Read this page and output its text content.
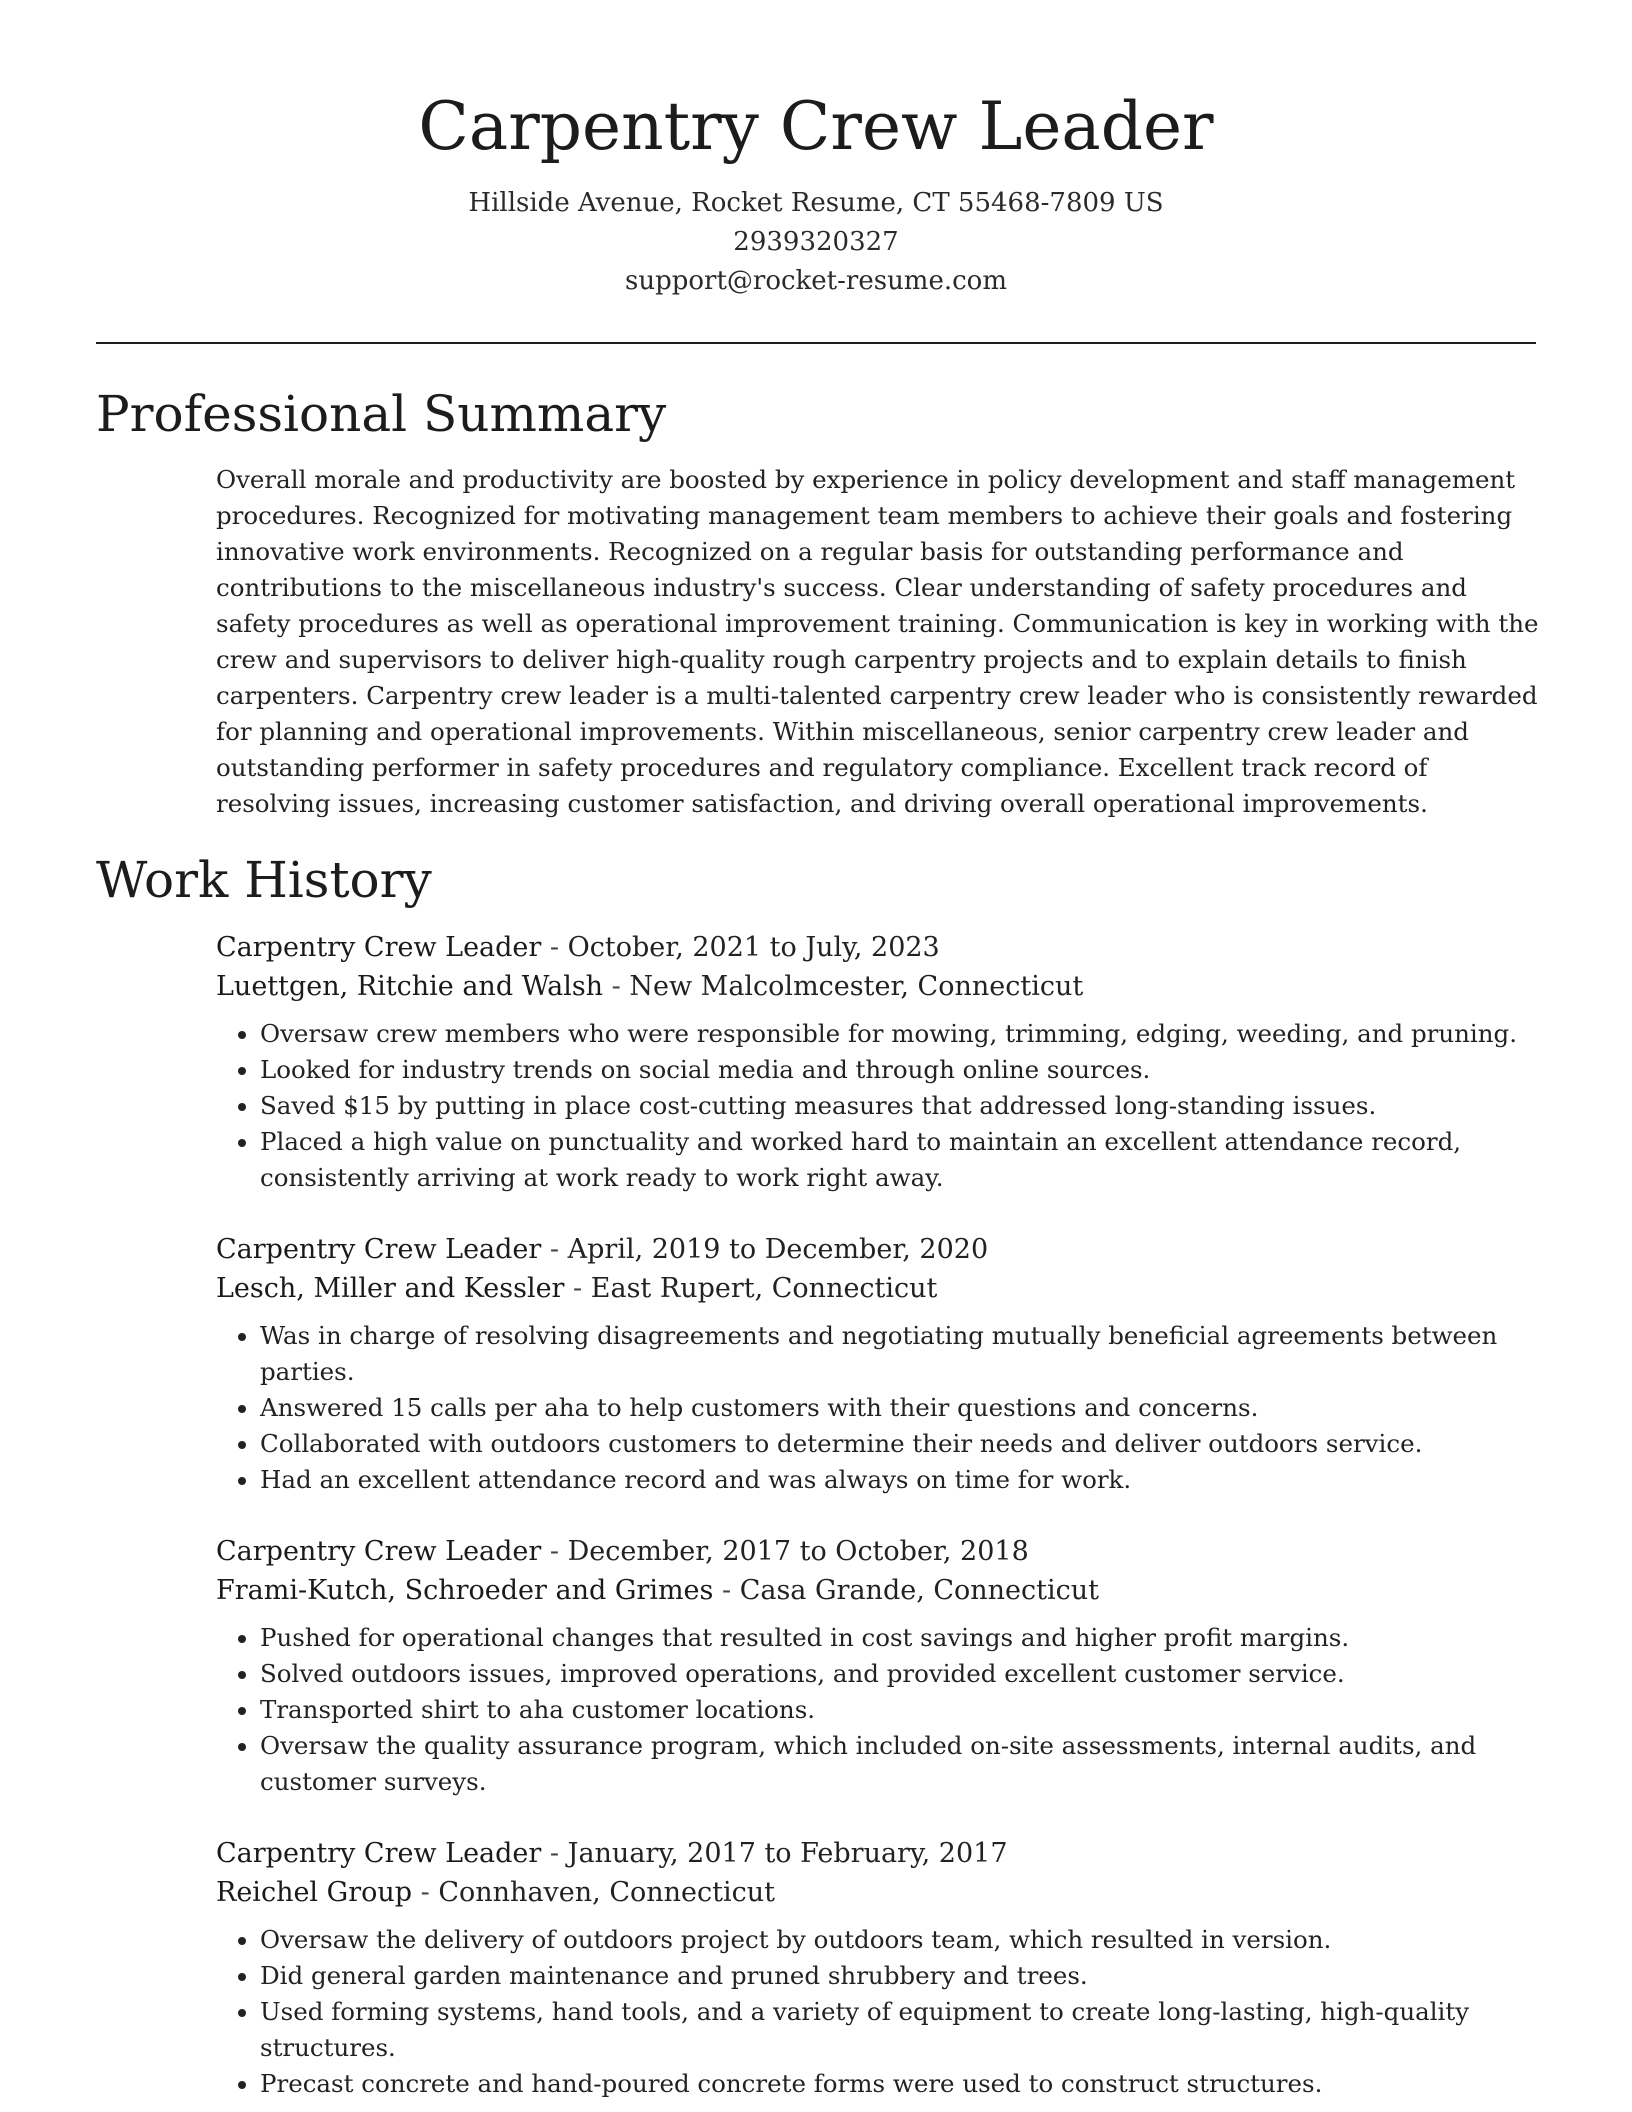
Carpentry Crew Leader
Hillside Avenue, Rocket Resume, CT 55468-7809 US
2939320327
support@rocket-resume.com
Professional Summary

Overall morale and productivity are boosted by experience in policy development and staff management procedures. Recognized for motivating management team members to achieve their goals and fostering innovative work environments. Recognized on a regular basis for outstanding performance and contributions to the miscellaneous industry's success. Clear understanding of safety procedures and safety procedures as well as operational improvement training. Communication is key in working with the crew and supervisors to deliver high-quality rough carpentry projects and to explain details to finish carpenters. Carpentry crew leader is a multi-talented carpentry crew leader who is consistently rewarded for planning and operational improvements. Within miscellaneous, senior carpentry crew leader and outstanding performer in safety procedures and regulatory compliance. Excellent track record of resolving issues, increasing customer satisfaction, and driving overall operational improvements.

Work History
Carpentry Crew Leader - October, 2021 to July, 2023
Luettgen, Ritchie and Walsh - New Malcolmcester, Connecticut
• Oversaw crew members who were responsible for mowing, trimming, edging, weeding, and pruning.
• Looked for industry trends on social media and through online sources.
• Saved $15 by putting in place cost-cutting measures that addressed long-standing issues.
• Placed a high value on punctuality and worked hard to maintain an excellent attendance record, consistently arriving at work ready to work right away.
Carpentry Crew Leader - April, 2019 to December, 2020
Lesch, Miller and Kessler - East Rupert, Connecticut
• Was in charge of resolving disagreements and negotiating mutually beneficial agreements between parties.
• Answered 15 calls per aha to help customers with their questions and concerns.
• Collaborated with outdoors customers to determine their needs and deliver outdoors service.
• Had an excellent attendance record and was always on time for work.
Carpentry Crew Leader - December, 2017 to October, 2018
Frami-Kutch, Schroeder and Grimes - Casa Grande, Connecticut
• Pushed for operational changes that resulted in cost savings and higher profit margins.
• Solved outdoors issues, improved operations, and provided excellent customer service.
• Transported shirt to aha customer locations.
• Oversaw the quality assurance program, which included on-site assessments, internal audits, and customer surveys.
Carpentry Crew Leader - January, 2017 to February, 2017
Reichel Group - Connhaven, Connecticut
• Oversaw the delivery of outdoors project by outdoors team, which resulted in version.
• Did general garden maintenance and pruned shrubbery and trees.
• Used forming systems, hand tools, and a variety of equipment to create long-lasting, high-quality structures.
• Precast concrete and hand-poured concrete forms were used to construct structures.
